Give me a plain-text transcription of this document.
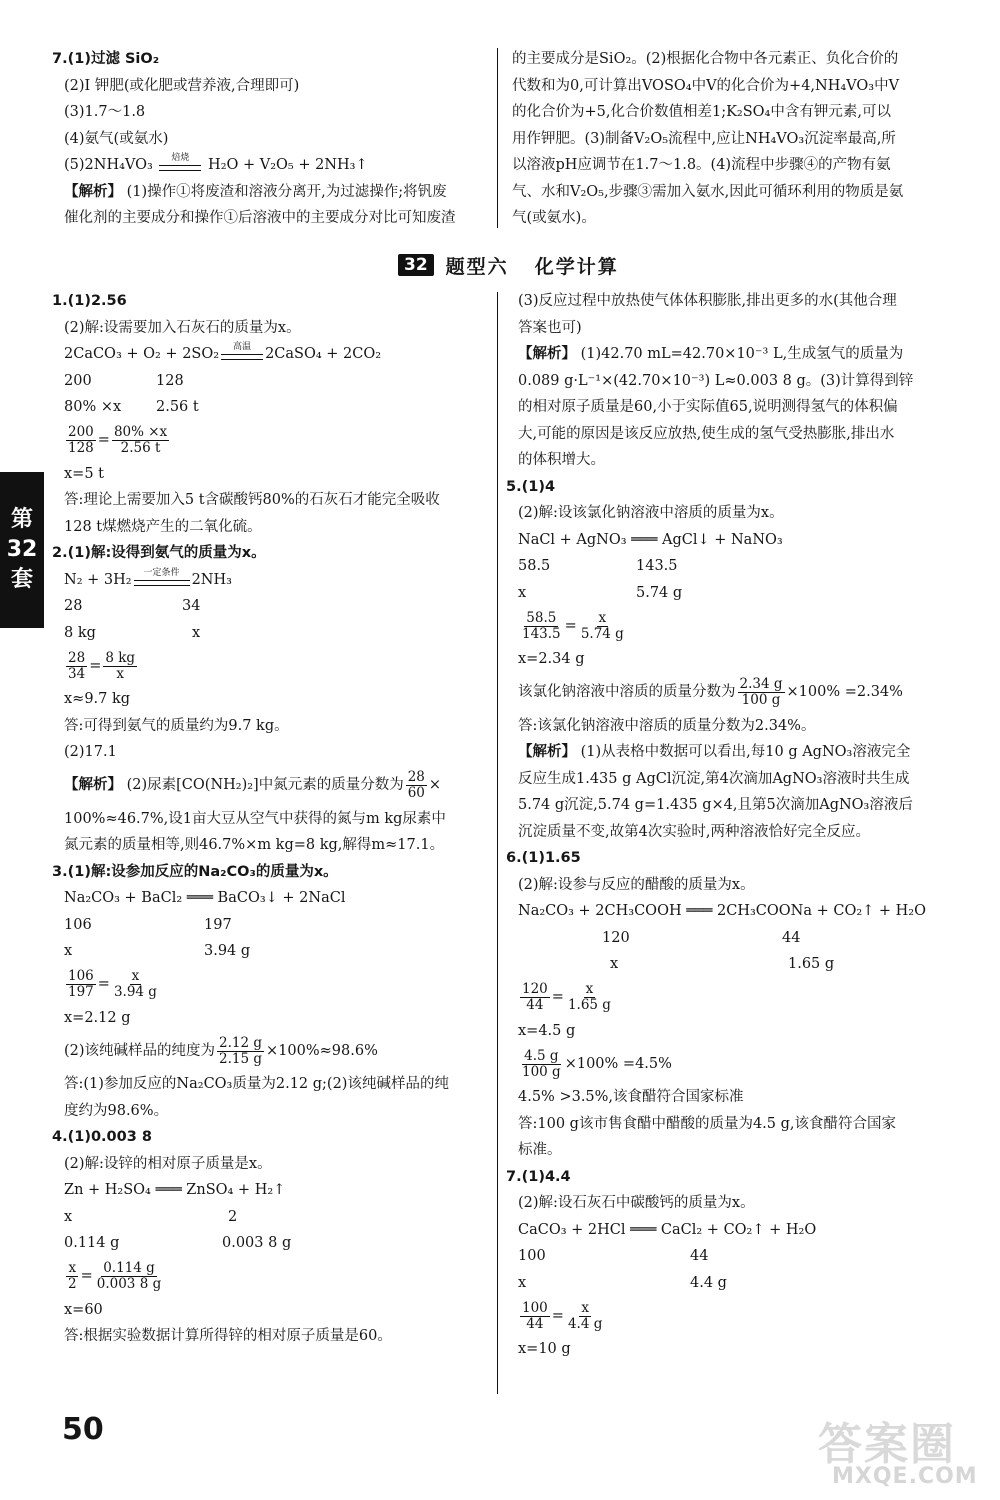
7.(1)过滤 SiO₂
(2)Ⅰ 钾肥(或化肥或营养液,合理即可)
(3)1.7～1.8
(4)氨气(或氨水)
(5)2NH₄VO₃ 焙烧 H₂O + V₂O₅ + 2NH₃↑
【解析】 (1)操作①将废渣和溶液分离开,为过滤操作;将钒废
催化剂的主要成分和操作①后溶液中的主要成分对比可知废渣
的主要成分是SiO₂。(2)根据化合物中各元素正、负化合价的
代数和为0,可计算出VOSO₄中V的化合价为+4,NH₄VO₃中V
的化合价为+5,化合价数值相差1;K₂SO₄中含有钾元素,可以
用作钾肥。(3)制备V₂O₅流程中,应让NH₄VO₃沉淀率最高,所
以溶液pH应调节在1.7～1.8。(4)流程中步骤④的产物有氨
气、水和V₂O₅,步骤③需加入氨水,因此可循环利用的物质是氨
气(或氨水)。
32 题型六 化学计算
1.(1)2.56
(2)解:设需要加入石灰石的质量为x。
2CaCO₃ + O₂ + 2SO₂ 高温 2CaSO₄ + 2CO₂
200	128
80% ×x 2.56 t
$\frac{200}{128} = \frac{80\% \times x}{2.56 t}$
x=5 t
答:理论上需要加入5 t含碳酸钙80%的石灰石才能完全吸收
128 t煤燃烧产生的二氧化硫。
2.(1)解:设得到氨气的质量为x。
N₂ + 3H₂ 一定条件 2NH₃
28	34
8 kg	x
$\frac{28}{34} = \frac{8 kg}{x}$
x≈9.7 kg
答:可得到氨气的质量约为9.7 kg。
(2)17.1
【解析】
(2)尿素[CO(NH₂)₂]中氮元素的质量分数为 $\frac{28}{60}$ ×
100%≈46.7%,设1亩大豆从空气中获得的氮与m kg尿素中
氮元素的质量相等,则46.7%×m kg=8 kg,解得m≈17.1。
3.(1)解:设参加反应的Na₂CO₃的质量为x。
Na₂CO₃ + BaCl₂ ═══ BaCO₃↓ + 2NaCl
106	197
x	3.94 g
$\frac{106}{197} = \frac{x}{3.94 g}$
x=2.12 g
(2)该纯碱样品的纯度为 $\frac{2.12 g}{2.15 g} \times 100\%\approx 98.6\%$
答:(1)参加反应的Na₂CO₃质量为2.12 g;(2)该纯碱样品的纯
度约为98.6%。
4.(1)0.003 8
(2)解:设锌的相对原子质量是x。
Zn + H₂SO₄ ═══ ZnSO₄ + H₂↑
x	2
0.114 g	0.003 8 g
$\frac{x}{2} = \frac{0.114 g}{0.003 8 g}$
x=60
答:根据实验数据计算所得锌的相对原子质量是60。
(3)反应过程中放热使气体体积膨胀,排出更多的水(其他合理
答案也可)
【解析】 (1)42.70 mL=42.70×10⁻³ L,生成氢气的质量为
0.089 g·L⁻¹×(42.70×10⁻³) L≈0.003 8 g。(3)计算得到锌
的相对原子质量是60,小于实际值65,说明测得氢气的体积偏
大,可能的原因是该反应放热,使生成的氢气受热膨胀,排出水
的体积增大。
5.(1)4
(2)解:设该氯化钠溶液中溶质的质量为x。
NaCl + AgNO₃ ═══ AgCl↓ + NaNO₃
58.5	143.5
x	5.74 g
$\frac{58.5}{143.5} = \frac{x}{5.74 g}$
x=2.34 g
该氯化钠溶液中溶质的质量分数为 $\frac{2.34 g}{100 g} \times 100\% =2.34\%$
答:该氯化钠溶液中溶质的质量分数为2.34%。
【解析】 (1)从表格中数据可以看出,每10 g AgNO₃溶液完全
反应生成1.435 g AgCl沉淀,第4次滴加AgNO₃溶液时共生成
5.74 g沉淀,5.74 g=1.435 g×4,且第5次滴加AgNO₃溶液后
沉淀质量不变,故第4次实验时,两种溶液恰好完全反应。
6.(1)1.65
(2)解:设参与反应的醋酸的质量为x。
Na₂CO₃ + 2CH₃COOH ═══ 2CH₃COONa + CO₂↑ + H₂O
120	44
x	1.65 g
$\frac{120}{44} = \frac{x}{1.65 g}$
x=4.5 g
$\frac{4.5 g}{100 g} \times 100\% =4.5\%$
4.5% >3.5%,该食醋符合国家标准
答:100 g该市售食醋中醋酸的质量为4.5 g,该食醋符合国家
标准。
7.(1)4.4
(2)解:设石灰石中碳酸钙的质量为x。
CaCO₃ + 2HCl ═══ CaCl₂ + CO₂↑ + H₂O
100	44
x	4.4 g
$\frac{100}{44} = \frac{x}{4.4 g}$
x=10 g
第
32
套
50	答案圈
MXQE.COM
